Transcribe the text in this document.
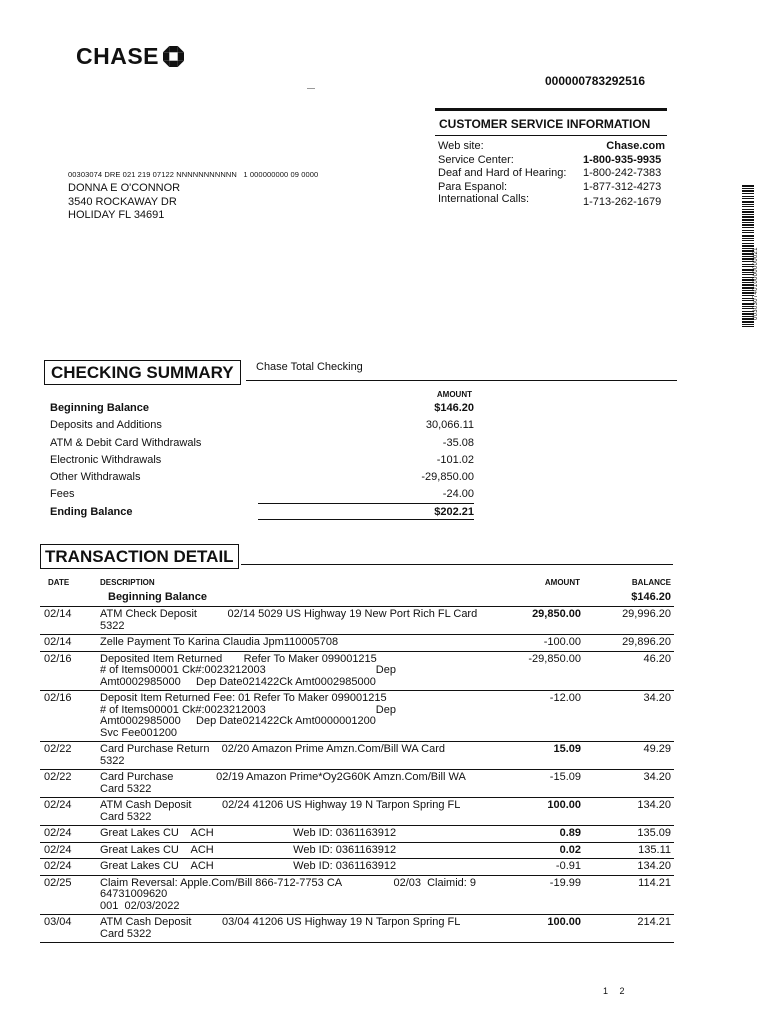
CHASE
000000783292516
CUSTOMER SERVICE INFORMATION
Web site:	Chase.com
Service Center:	1-800-935-9935
Deaf and Hard of Hearing: 1-800-242-7383
Para Espanol:	1-877-312-4273
International Calls:	1-713-262-1679
00303074 DRE 021 219 07122 NNNNNNNNNNN   1 000000000 09 0000
DONNA E O'CONNOR
3540 ROCKAWAY DR
HOLIDAY FL 34691
00303074010000000021
CHECKING SUMMARY	Chase Total Checking
AMOUNT
Beginning Balance	$146.20
Deposits and Additions	30,066.11
ATM & Debit Card Withdrawals	-35.08
Electronic Withdrawals	-101.02
Other Withdrawals	-29,850.00
Fees	-24.00
Ending Balance	$202.21
TRANSACTION DETAIL
DATE	DESCRIPTION	AMOUNT	BALANCE
Beginning Balance	$146.20
02/14	ATM Check Deposit          02/14 5029 US Highway 19 New Port Rich FL Card
5322
29,850.00	29,996.20
02/14	Zelle Payment To Karina Claudia Jpm110005708	-100.00	29,896.20
02/16	Deposited Item Returned       Refer To Maker 099001215
# of Items00001 Ck#:0023212003                                    Dep
Amt0002985000     Dep Date021422Ck Amt0002985000
-29,850.00	46.20
02/16	Deposit Item Returned Fee: 01 Refer To Maker 099001215
# of Items00001 Ck#:0023212003                                    Dep
Amt0002985000     Dep Date021422Ck Amt0000001200
Svc Fee001200
-12.00	34.20
02/22	Card Purchase Return    02/20 Amazon Prime Amzn.Com/Bill WA Card
5322
15.09	49.29
02/22	Card Purchase              02/19 Amazon Prime*Oy2G60K Amzn.Com/Bill WA
Card 5322
-15.09	34.20
02/24	ATM Cash Deposit          02/24 41206 US Highway 19 N Tarpon Spring FL
Card 5322
100.00	134.20
02/24	Great Lakes CU    ACH                          Web ID: 0361163912	0.89	135.09
02/24	Great Lakes CU    ACH                          Web ID: 0361163912	0.02	135.11
02/24	Great Lakes CU    ACH                          Web ID: 0361163912	-0.91	134.20
02/25	Claim Reversal: Apple.Com/Bill 866-712-7753 CA                 02/03  Claimid: 9
64731009620
001  02/03/2022
-19.99	114.21
03/04	ATM Cash Deposit          03/04 41206 US Highway 19 N Tarpon Spring FL
Card 5322
100.00	214.21
1   2
